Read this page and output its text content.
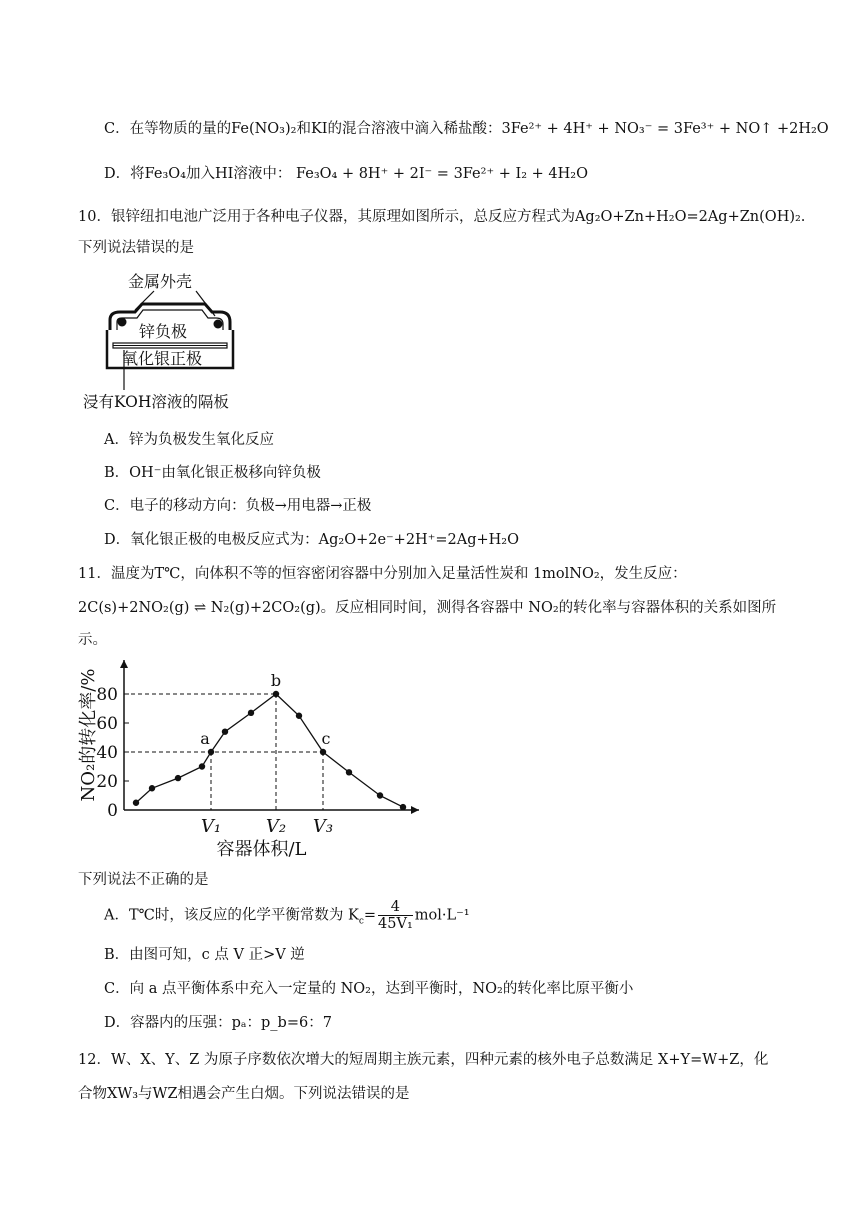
C．在等物质的量的Fe(NO₃)₂和KI的混合溶液中滴入稀盐酸：3Fe²⁺ + 4H⁺ + NO₃⁻ = 3Fe³⁺ + NO↑ +2H₂O
D．将Fe₃O₄加入HI溶液中： Fe₃O₄ + 8H⁺ + 2I⁻ = 3Fe²⁺ + I₂ + 4H₂O
10．银锌纽扣电池广泛用于各种电子仪器，其原理如图所示，总反应方程式为Ag₂O+Zn+H₂O=2Ag+Zn(OH)₂.
下列说法错误的是
金属外壳
锌负极
氧化银正极
浸有KOH溶液的隔板
A．锌为负极发生氧化反应
B．OH⁻由氧化银正极移向锌负极
C．电子的移动方向：负极→用电器→正极
D．氧化银正极的电极反应式为：Ag₂O+2e⁻+2H⁺=2Ag+H₂O
11．温度为T℃，向体积不等的恒容密闭容器中分别加入足量活性炭和 1molNO₂，发生反应：
2C(s)+2NO₂(g) ⇌ N₂(g)+2CO₂(g)。反应相同时间，测得各容器中 NO₂的转化率与容器体积的关系如图所
示。
0
20
40
60
80
NO₂的转化率/%
V₁ V₂ V₃
a
b
c
容器体积/L
下列说法不正确的是
A．T℃时，该反应的化学平衡常数为 $K_c= \frac{4}{\text{45V₁}} mol\cdot L^{-1}$
B．由图可知，c 点 V 正>V 逆
C．向 a 点平衡体系中充入一定量的 NO₂，达到平衡时，NO₂的转化率比原平衡小
D．容器内的压强：pₐ：p_b=6：7
12．W、X、Y、Z 为原子序数依次增大的短周期主族元素，四种元素的核外电子总数满足 X+Y=W+Z，化
合物XW₃与WZ相遇会产生白烟。下列说法错误的是
